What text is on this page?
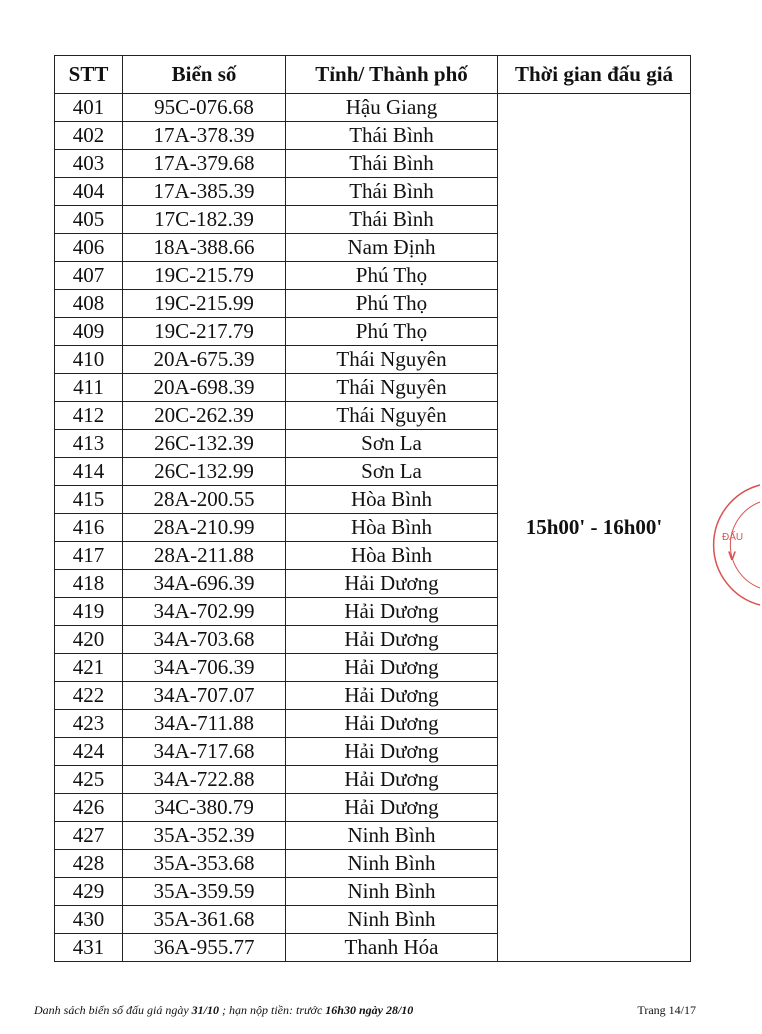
STT	Biển số	Tỉnh/ Thành phố	Thời gian đấu giá
401	95C-076.68	Hậu Giang	15h00' - 16h00'
402	17A-378.39	Thái Bình	
403	17A-379.68	Thái Bình	
404	17A-385.39	Thái Bình	
405	17C-182.39	Thái Bình	
406	18A-388.66	Nam Định	
407	19C-215.79	Phú Thọ	
408	19C-215.99	Phú Thọ	
409	19C-217.79	Phú Thọ	
410	20A-675.39	Thái Nguyên	
411	20A-698.39	Thái Nguyên	
412	20C-262.39	Thái Nguyên	
413	26C-132.39	Sơn La	
414	26C-132.99	Sơn La	
415	28A-200.55	Hòa Bình	
416	28A-210.99	Hòa Bình	
417	28A-211.88	Hòa Bình	
418	34A-696.39	Hải Dương	
419	34A-702.99	Hải Dương	
420	34A-703.68	Hải Dương	
421	34A-706.39	Hải Dương	
422	34A-707.07	Hải Dương	
423	34A-711.88	Hải Dương	
424	34A-717.68	Hải Dương	
425	34A-722.88	Hải Dương	
426	34C-380.79	Hải Dương	
427	35A-352.39	Ninh Bình	
428	35A-353.68	Ninh Bình	
429	35A-359.59	Ninh Bình	
430	35A-361.68	Ninh Bình	
431	36A-955.77	Thanh Hóa	
ĐẤU
V
Danh sách biển số đấu giá ngày 31/10 ; hạn nộp tiền: trước 16h30 ngày 28/10	Trang 14/17
